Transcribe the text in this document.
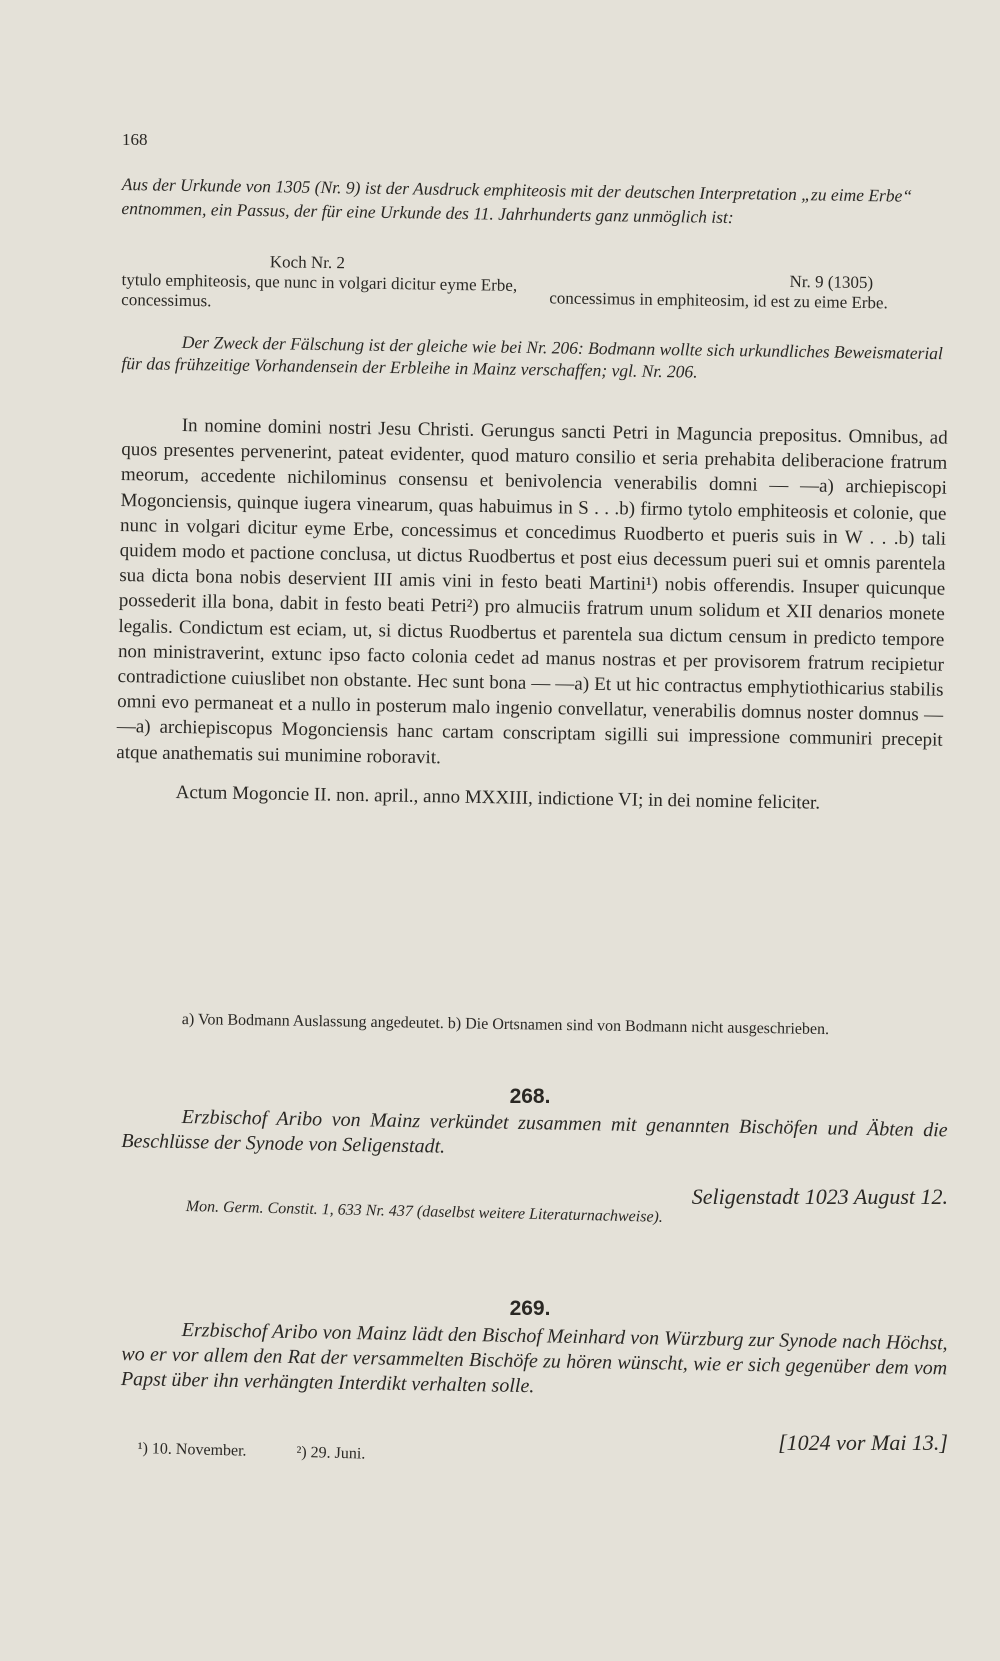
168

Aus der Urkunde von 1305 (Nr. 9) ist der Ausdruck emphiteosis mit der deutschen Interpretation „zu eime Erbe“ entnommen, ein Passus, der für eine Urkunde des 11. Jahrhunderts ganz unmöglich ist:

Koch Nr. 2

tytulo emphiteosis, que nunc in volgari dicitur eyme Erbe, concessimus.

Nr. 9 (1305)

concessimus in emphiteosim, id est zu eime Erbe.

Der Zweck der Fälschung ist der gleiche wie bei Nr. 206: Bodmann wollte sich urkundliches Beweismaterial für das frühzeitige Vorhandensein der Erbleihe in Mainz verschaffen; vgl. Nr. 206.

In nomine domini nostri Jesu Christi. Gerungus sancti Petri in Maguncia prepositus. Omnibus, ad quos presentes pervenerint, pateat evidenter, quod maturo consilio et seria prehabita deliberacione fratrum meorum, accedente nichilominus consensu et benivolencia venerabilis domni — —a) archiepiscopi Mogonciensis, quinque iugera vinearum, quas habuimus in S . . .b) firmo tytolo emphiteosis et colonie, que nunc in volgari dicitur eyme Erbe, concessimus et concedimus Ruodberto et pueris suis in W . . .b) tali quidem modo et pactione conclusa, ut dictus Ruodbertus et post eius decessum pueri sui et omnis parentela sua dicta bona nobis deservient III amis vini in festo beati Martini¹) nobis offerendis. Insuper quicunque possederit illa bona, dabit in festo beati Petri²) pro almuciis fratrum unum solidum et XII denarios monete legalis. Condictum est eciam, ut, si dictus Ruodbertus et parentela sua dictum censum in predicto tempore non ministraverint, extunc ipso facto colonia cedet ad manus nostras et per provisorem fratrum recipietur contradictione cuiuslibet non obstante. Hec sunt bona — —a) Et ut hic contractus emphytiothicarius stabilis omni evo permaneat et a nullo in posterum malo ingenio convellatur, venerabilis domnus noster domnus — —a) archiepiscopus Mogonciensis hanc cartam conscriptam sigilli sui impressione communiri precepit atque anathematis sui munimine roboravit.

Actum Mogoncie II. non. april., anno MXXIII, indictione VI; in dei nomine feliciter.

a) Von Bodmann Auslassung angedeutet. b) Die Ortsnamen sind von Bodmann nicht ausgeschrieben.

268.

Erzbischof Aribo von Mainz verkündet zusammen mit genannten Bischöfen und Äbten die Beschlüsse der Synode von Seligenstadt.

Seligenstadt 1023 August 12.

Mon. Germ. Constit. 1, 633 Nr. 437 (daselbst weitere Literaturnachweise).

269.

Erzbischof Aribo von Mainz lädt den Bischof Meinhard von Würzburg zur Synode nach Höchst, wo er vor allem den Rat der versammelten Bischöfe zu hören wünscht, wie er sich gegenüber dem vom Papst über ihn verhängten Interdikt verhalten solle.

[1024 vor Mai 13.]

¹) 10. November.	²) 29. Juni.
